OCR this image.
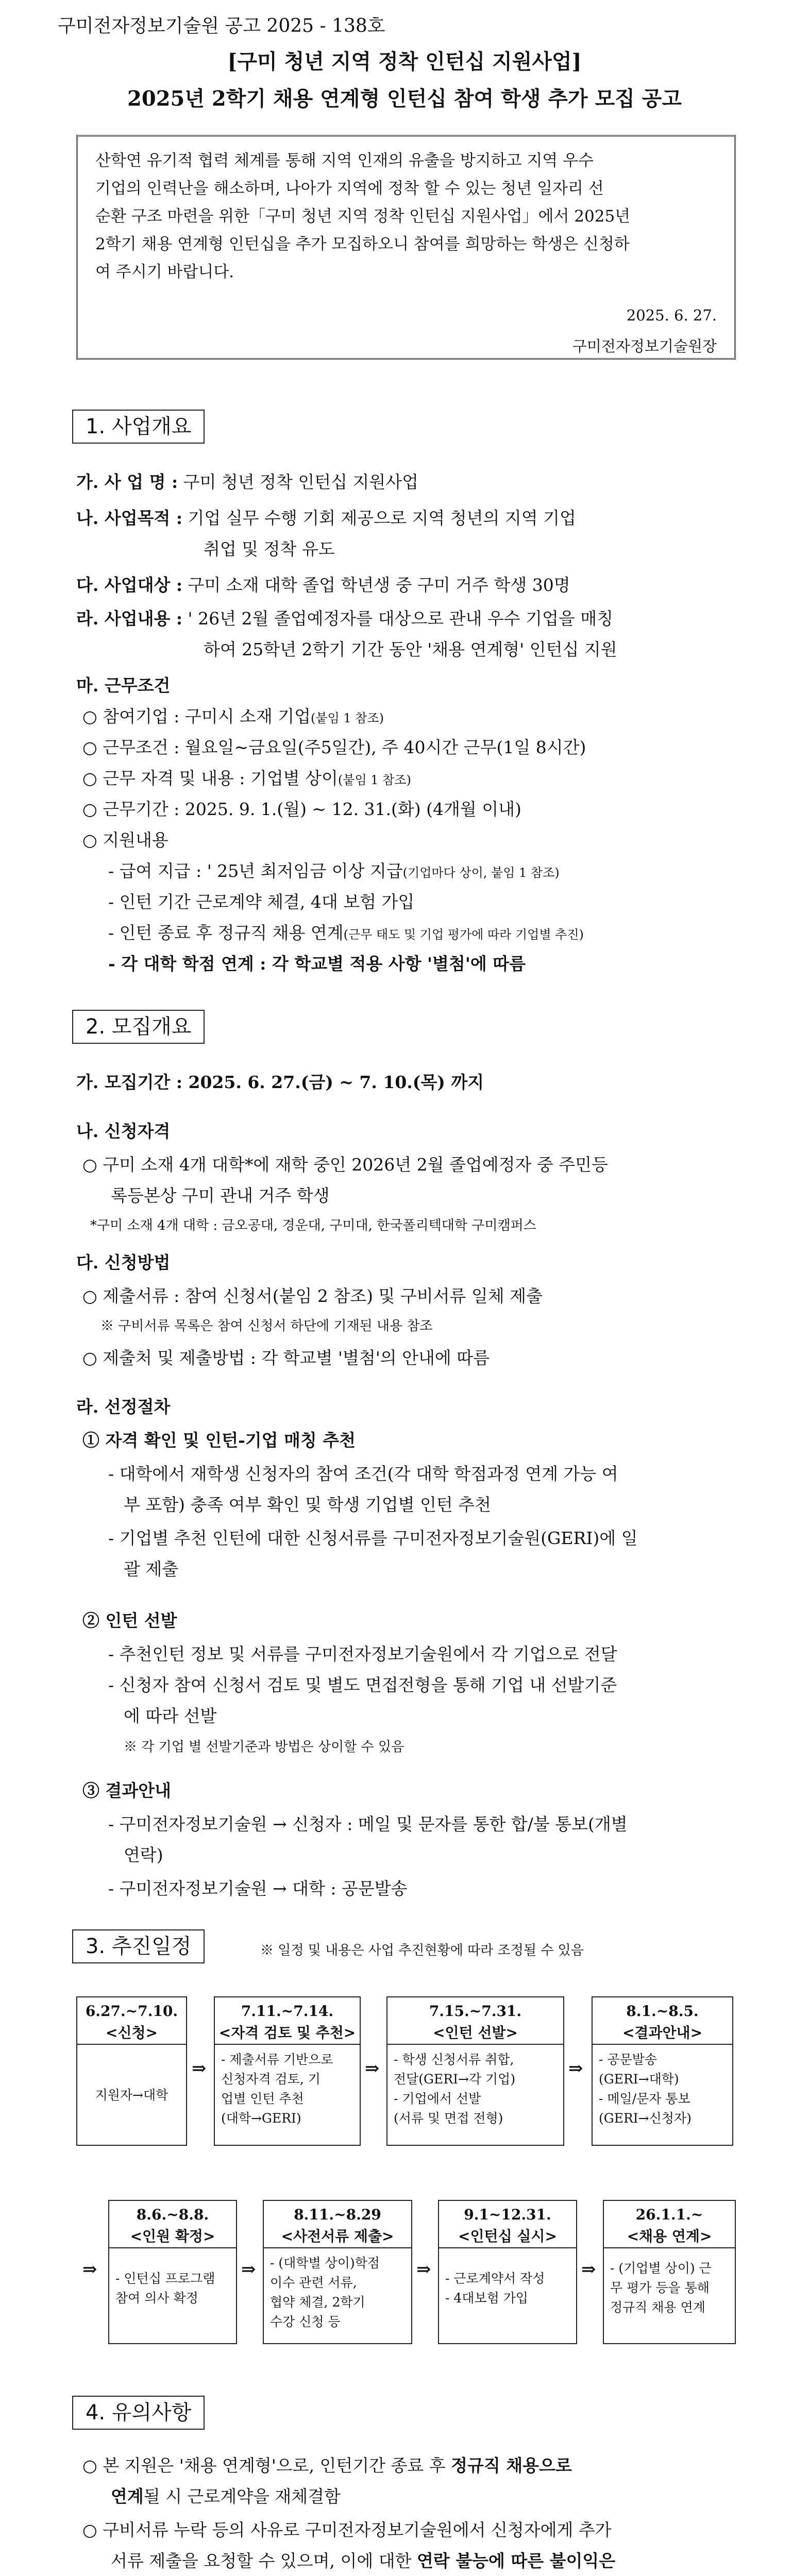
구미전자정보기술원 공고 2025 - 138호
[구미 청년 지역 정착 인턴십 지원사업]
2025년 2학기 채용 연계형 인턴십 참여 학생 추가 모집 공고
산학연 유기적 협력 체계를 통해 지역 인재의 유출을 방지하고 지역 우수
기업의 인력난을 해소하며, 나아가 지역에 정착 할 수 있는 청년 일자리 선
순환 구조 마련을 위한「구미 청년 지역 정착 인턴십 지원사업」에서 2025년
2학기 채용 연계형 인턴십을 추가 모집하오니 참여를 희망하는 학생은 신청하
여 주시기 바랍니다.
2025. 6. 27.
구미전자정보기술원장
1. 사업개요
가. 사 업 명 : 구미 청년 정착 인턴십 지원사업
나. 사업목적 : 기업 실무 수행 기회 제공으로 지역 청년의 지역 기업
취업 및 정착 유도
다. 사업대상 : 구미 소재 대학 졸업 학년생 중 구미 거주 학생 30명
라. 사업내용 : ' 26년 2월 졸업예정자를 대상으로 관내 우수 기업을 매칭
하여 25학년 2학기 기간 동안 '채용 연계형' 인턴십 지원
마. 근무조건
○ 참여기업 : 구미시 소재 기업(붙임 1 참조)
○ 근무조건 : 월요일~금요일(주5일간), 주 40시간 근무(1일 8시간)
○ 근무 자격 및 내용 : 기업별 상이(붙임 1 참조)
○ 근무기간 : 2025. 9. 1.(월) ~ 12. 31.(화) (4개월 이내)
○ 지원내용
- 급여 지급 : ' 25년 최저임금 이상 지급(기업마다 상이, 붙임 1 참조)
- 인턴 기간 근로계약 체결, 4대 보험 가입
- 인턴 종료 후 정규직 채용 연계(근무 태도 및 기업 평가에 따라 기업별 추진)
- 각 대학 학점 연계 : 각 학교별 적용 사항 '별첨'에 따름
2. 모집개요
가. 모집기간 : 2025. 6. 27.(금) ~ 7. 10.(목) 까지
나. 신청자격
○ 구미 소재 4개 대학*에 재학 중인 2026년 2월 졸업예정자 중 주민등
록등본상 구미 관내 거주 학생
*구미 소재 4개 대학 : 금오공대, 경운대, 구미대, 한국폴리텍대학 구미캠퍼스
다. 신청방법
○ 제출서류 : 참여 신청서(붙임 2 참조) 및 구비서류 일체 제출
※ 구비서류 목록은 참여 신청서 하단에 기재된 내용 참조
○ 제출처 및 제출방법 : 각 학교별 '별첨'의 안내에 따름
라. 선정절차
① 자격 확인 및 인턴-기업 매칭 추천
- 대학에서 재학생 신청자의 참여 조건(각 대학 학점과정 연계 가능 여
부 포함) 충족 여부 확인 및 학생 기업별 인턴 추천
- 기업별 추천 인턴에 대한 신청서류를 구미전자정보기술원(GERI)에 일
괄 제출
② 인턴 선발
- 추천인턴 정보 및 서류를 구미전자정보기술원에서 각 기업으로 전달
- 신청자 참여 신청서 검토 및 별도 면접전형을 통해 기업 내 선발기준
에 따라 선발
※ 각 기업 별 선발기준과 방법은 상이할 수 있음
③ 결과안내
- 구미전자정보기술원 → 신청자 : 메일 및 문자를 통한 합/불 통보(개별
연락)
- 구미전자정보기술원 → 대학 : 공문발송
3. 추진일정	※ 일정 및 내용은 사업 추진현황에 따라 조정될 수 있음
6.27.~7.10.
<신청>
지원자→대학
⇒
7.11.~7.14.
<자격 검토 및 추천>
- 제출서류 기반으로
신청자격 검토, 기
업별 인턴 추천
(대학→GERI)
⇒
7.15.~7.31.
<인턴 선발>
- 학생 신청서류 취합,
전달(GERI→각 기업)
- 기업에서 선발
(서류 및 면접 전형)
⇒
8.1.~8.5.
<결과안내>
- 공문발송
(GERI→대학)
- 메일/문자 통보
(GERI→신청자)
⇒
8.6.~8.8.
<인원 확정>
- 인턴십 프로그램
참여 의사 확정
⇒
8.11.~8.29
<사전서류 제출>
- (대학별 상이)학점
이수 관련 서류,
협약 체결, 2학기
수강 신청 등
⇒
9.1~12.31.
<인턴십 실시>
- 근로계약서 작성
- 4대보험 가입
⇒
26.1.1.~
<채용 연계>
- (기업별 상이) 근
무 평가 등을 통해
정규직 채용 연계
4. 유의사항
○ 본 지원은 '채용 연계형'으로, 인턴기간 종료 후 정규직 채용으로
연계될 시 근로계약을 재체결함
○ 구비서류 누락 등의 사유로 구미전자정보기술원에서 신청자에게 추가
서류 제출을 요청할 수 있으며, 이에 대한 연락 불능에 따른 불이익은
